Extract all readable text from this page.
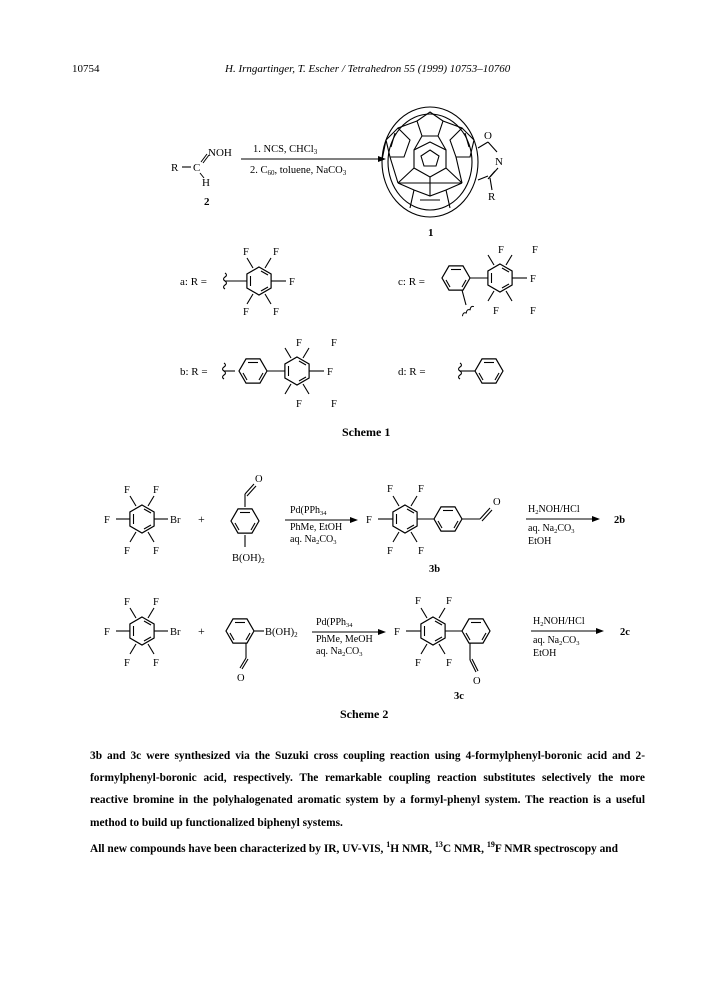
10754	H. Irngartinger, T. Escher / Tetrahedron 55 (1999) 10753–10760
NOH
R C
H
2
1. NCS, CHCl3
2. C60, toluene, NaCO3
O
N
R
1
a: R =
F F
F
F F
b: R =
F	F
F
F	F
c: R =
F	F
F
F	F
d: R =
F F
F
F F
Br +
O
B(OH)2
Pd(PPh$_3$4
PhMe, EtOH
aq. $Na_2CO_3$
F F
F
F F
O
3b
$H_2NOH$/HCl
aq. $Na_2CO_3$
EtOH
2b
F F
F
F F
Br +
O
B(OH)2
Pd(PPh$_3$4
PhMe, MeOH
aq. $Na_2CO_3$
F F
F
F F
O
3c
$H_2NOH$/HCl
aq. $Na_2CO_3$
EtOH
2c
Scheme 1
Scheme 2

3b and 3c were synthesized via the Suzuki cross coupling reaction using 4-formylphenyl-boronic acid and 2-formylphenyl-boronic acid, respectively. The remarkable coupling reaction substitutes selectively the more reactive bromine in the polyhalogenated aromatic system by a formyl-phenyl system. The reaction is a useful method to build up functionalized biphenyl systems.

All new compounds have been characterized by IR, UV-VIS, $^1$H NMR, $^{13}$C NMR, $^{19}$F NMR spectroscopy and
